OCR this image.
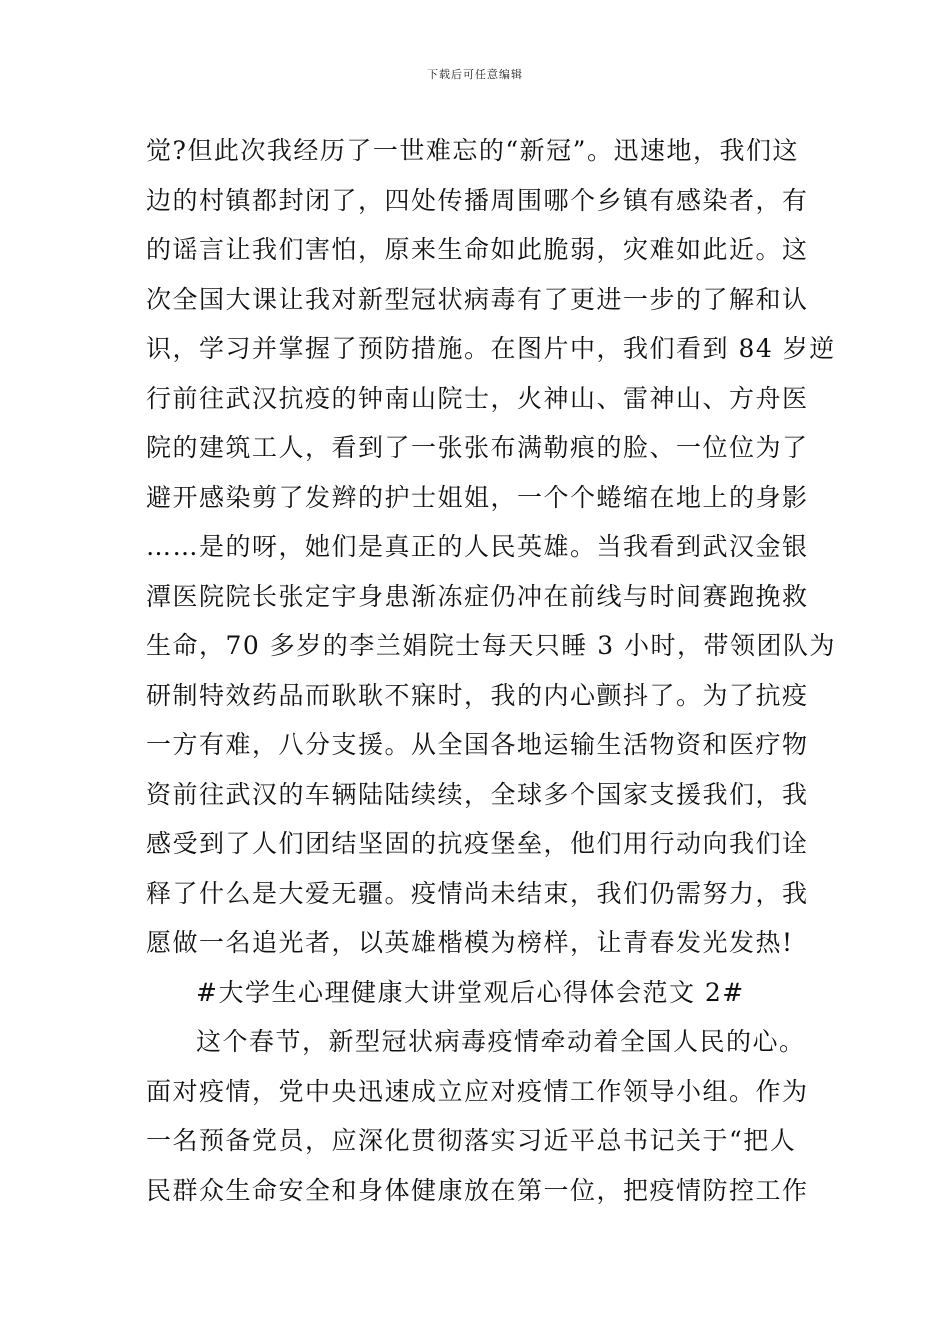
下载后可任意编辑
觉?但此次我经历了一世难忘的“新冠”。迅速地，我们这
边的村镇都封闭了，四处传播周围哪个乡镇有感染者，有
的谣言让我们害怕，原来生命如此脆弱，灾难如此近。这
次全国大课让我对新型冠状病毒有了更进一步的了解和认
识，学习并掌握了预防措施。在图片中，我们看到 84 岁逆
行前往武汉抗疫的钟南山院士，火神山、雷神山、方舟医
院的建筑工人，看到了一张张布满勒痕的脸、一位位为了
避开感染剪了发辫的护士姐姐，一个个蜷缩在地上的身影
……是的呀，她们是真正的人民英雄。当我看到武汉金银
潭医院院长张定宇身患渐冻症仍冲在前线与时间赛跑挽救
生命，70 多岁的李兰娟院士每天只睡 3 小时，带领团队为
研制特效药品而耿耿不寐时，我的内心颤抖了。为了抗疫
一方有难，八分支援。从全国各地运输生活物资和医疗物
资前往武汉的车辆陆陆续续，全球多个国家支援我们，我
感受到了人们团结坚固的抗疫堡垒，他们用行动向我们诠
释了什么是大爱无疆。疫情尚未结束，我们仍需努力，我
愿做一名追光者，以英雄楷模为榜样，让青春发光发热!
#大学生心理健康大讲堂观后心得体会范文 2#
这个春节，新型冠状病毒疫情牵动着全国人民的心。
面对疫情，党中央迅速成立应对疫情工作领导小组。作为
一名预备党员，应深化贯彻落实习近平总书记关于“把人
民群众生命安全和身体健康放在第一位，把疫情防控工作
